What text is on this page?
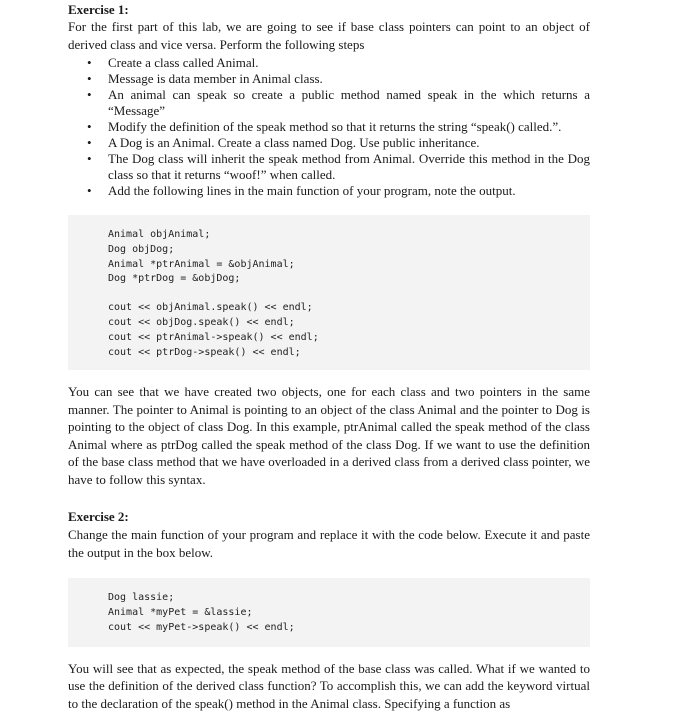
Exercise 1:

For the first part of this lab, we are going to see if base class pointers can point to an object of derived class and vice versa. Perform the following steps

• Create a class called Animal.
• Message is data member in Animal class.
• An animal can speak so create a public method named speak in the which returns a “Message”
• Modify the definition of the speak method so that it returns the string “speak() called.”.
• A Dog is an Animal. Create a class named Dog. Use public inheritance.
• The Dog class will inherit the speak method from Animal. Override this method in the Dog class so that it returns “woof!” when called.
• Add the following lines in the main function of your program, note the output.
Animal objAnimal;
Dog objDog;
Animal *ptrAnimal = &objAnimal;
Dog *ptrDog = &objDog;
cout << objAnimal.speak() << endl;
cout << objDog.speak() << endl;
cout << ptrAnimal->speak() << endl;
cout << ptrDog->speak() << endl;

You can see that we have created two objects, one for each class and two pointers in the same manner. The pointer to Animal is pointing to an object of the class Animal and the pointer to Dog is pointing to the object of class Dog. In this example, ptrAnimal called the speak method of the class Animal where as ptrDog called the speak method of the class Dog. If we want to use the definition of the base class method that we have overloaded in a derived class from a derived class pointer, we have to follow this syntax.

Exercise 2:

Change the main function of your program and replace it with the code below. Execute it and paste the output in the box below.

Dog lassie;
Animal *myPet = &lassie;
cout << myPet->speak() << endl;

You will see that as expected, the speak method of the base class was called. What if we wanted to use the definition of the derived class function? To accomplish this, we can add the keyword virtual to the declaration of the speak() method in the Animal class. Specifying a function as
